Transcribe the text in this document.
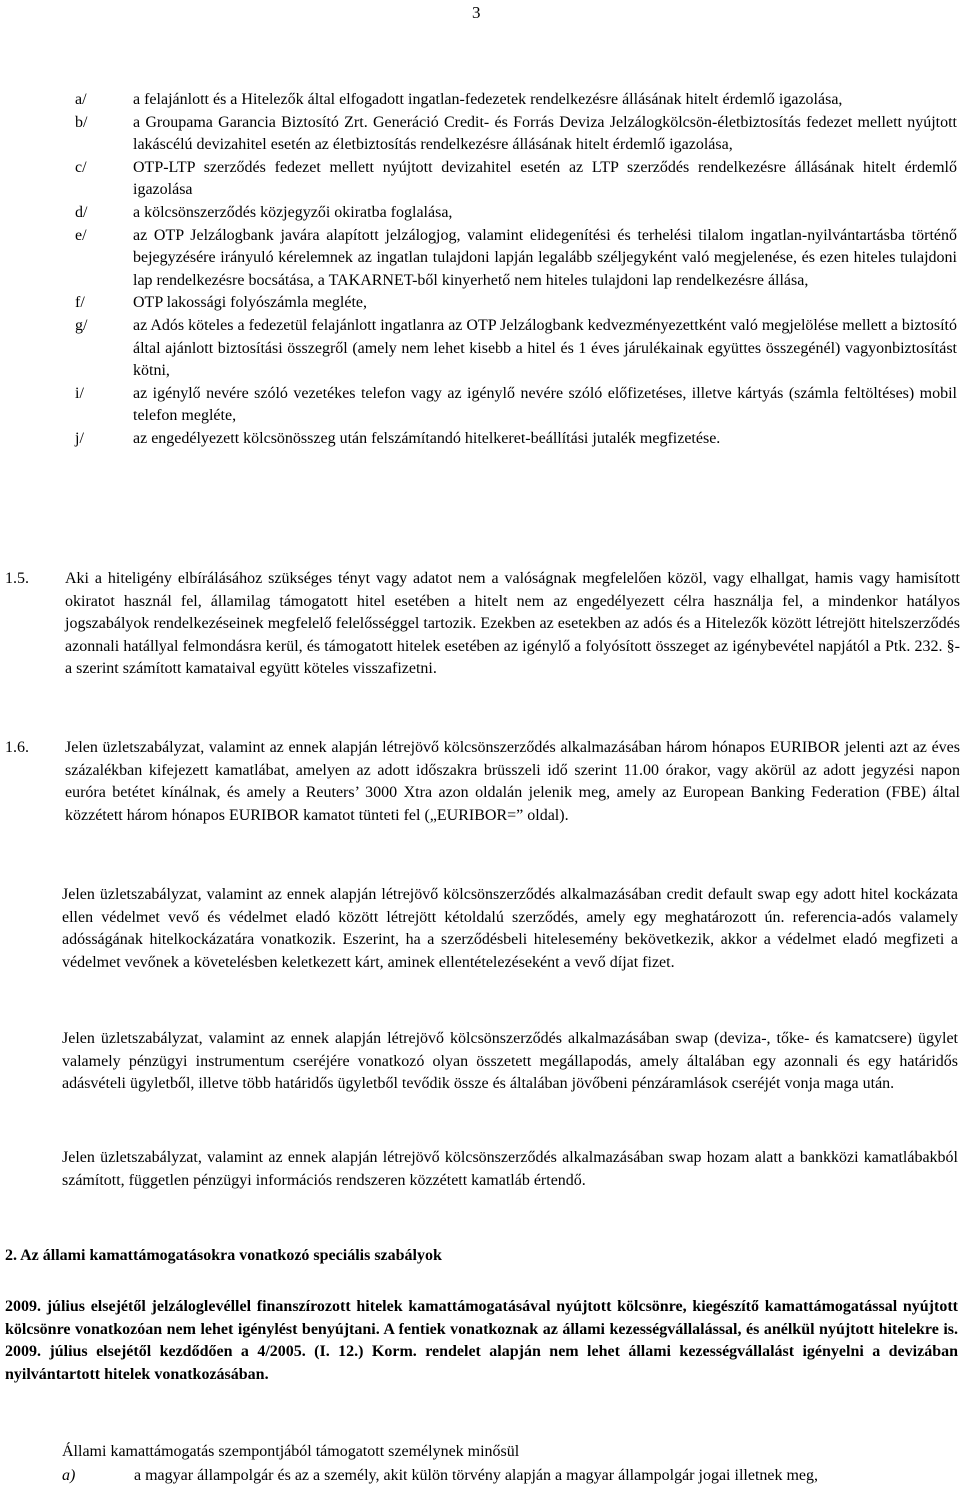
3
a/	a felajánlott és a Hitelezők által elfogadott ingatlan-fedezetek rendelkezésre állásának hitelt érdemlő igazolása,
b/	a Groupama Garancia Biztosító Zrt. Generáció Credit- és Forrás Deviza Jelzálogkölcsön-életbiztosítás fedezet mellett nyújtott lakáscélú devizahitel esetén az életbiztosítás rendelkezésre állásának hitelt érdemlő igazolása,
c/	OTP-LTP szerződés fedezet mellett nyújtott devizahitel esetén az LTP szerződés rendelkezésre állásának hitelt érdemlő igazolása
d/	a kölcsönszerződés közjegyzői okiratba foglalása,
e/	az OTP Jelzálogbank javára alapított jelzálogjog, valamint elidegenítési és terhelési tilalom ingatlan-nyilvántartásba történő bejegyzésére irányuló kérelemnek az ingatlan tulajdoni lapján legalább széljegyként való megjelenése, és ezen hiteles tulajdoni lap rendelkezésre bocsátása, a TAKARNET-ből kinyerhető nem hiteles tulajdoni lap rendelkezésre állása,
f/	OTP lakossági folyószámla megléte,
g/	az Adós köteles a fedezetül felajánlott ingatlanra az OTP Jelzálogbank kedvezményezettként való megjelölése mellett a biztosító által ajánlott biztosítási összegről (amely nem lehet kisebb a hitel és 1 éves járulékainak együttes összegénél) vagyonbiztosítást kötni,
i/	az igénylő nevére szóló vezetékes telefon vagy az igénylő nevére szóló előfizetéses, illetve kártyás (számla feltöltéses) mobil telefon megléte,
j/	az engedélyezett kölcsönösszeg után felszámítandó hitelkeret-beállítási jutalék megfizetése.
1.5.	Aki a hiteligény elbírálásához szükséges tényt vagy adatot nem a valóságnak megfelelően közöl, vagy elhallgat, hamis vagy hamisított okiratot használ fel, államilag támogatott hitel esetében a hitelt nem az engedélyezett célra használja fel, a mindenkor hatályos jogszabályok rendelkezéseinek megfelelő felelősséggel tartozik. Ezekben az esetekben az adós és a Hitelezők között létrejött hitelszerződés azonnali hatállyal felmondásra kerül, és támogatott hitelek esetében az igénylő a folyósított összeget az igénybevétel napjától a Ptk. 232. §-a szerint számított kamataival együtt köteles visszafizetni.
1.6.	Jelen üzletszabályzat, valamint az ennek alapján létrejövő kölcsönszerződés alkalmazásában három hónapos EURIBOR jelenti azt az éves százalékban kifejezett kamatlábat, amelyen az adott időszakra brüsszeli idő szerint 11.00 órakor, vagy akörül az adott jegyzési napon euróra betétet kínálnak, és amely a Reuters’ 3000 Xtra azon oldalán jelenik meg, amely az European Banking Federation (FBE) által közzétett három hónapos EURIBOR kamatot tünteti fel („EURIBOR=” oldal).
Jelen üzletszabályzat, valamint az ennek alapján létrejövő kölcsönszerződés alkalmazásában credit default swap egy adott hitel kockázata ellen védelmet vevő és védelmet eladó között létrejött kétoldalú szerződés, amely egy meghatározott ún. referencia-adós valamely adósságának hitelkockázatára vonatkozik. Eszerint, ha a szerződésbeli hitelesemény bekövetkezik, akkor a védelmet eladó megfizeti a védelmet vevőnek a követelésben keletkezett kárt, aminek ellentételezéseként a vevő díjat fizet.
Jelen üzletszabályzat, valamint az ennek alapján létrejövő kölcsönszerződés alkalmazásában swap (deviza-, tőke- és kamatcsere) ügylet valamely pénzügyi instrumentum cseréjére vonatkozó olyan összetett megállapodás, amely általában egy azonnali és egy határidős adásvételi ügyletből, illetve több határidős ügyletből tevődik össze és általában jövőbeni pénzáramlások cseréjét vonja maga után.
Jelen üzletszabályzat, valamint az ennek alapján létrejövő kölcsönszerződés alkalmazásában swap hozam alatt a bankközi kamatlábakból számított, független pénzügyi információs rendszeren közzétett kamatláb értendő.
2. Az állami kamattámogatásokra vonatkozó speciális szabályok
2009. július elsejétől jelzáloglevéllel finanszírozott hitelek kamattámogatásával nyújtott kölcsönre, kiegészítő kamattámogatással nyújtott kölcsönre vonatkozóan nem lehet igénylést benyújtani. A fentiek vonatkoznak az állami kezességvállalással, és anélkül nyújtott hitelekre is. 2009. július elsejétől kezdődően a 4/2005. (I. 12.) Korm. rendelet alapján nem lehet állami kezességvállalást igényelni a devizában nyilvántartott hitelek vonatkozásában.
Állami kamattámogatás szempontjából támogatott személynek minősül
a)	a magyar állampolgár és az a személy, akit külön törvény alapján a magyar állampolgár jogai illetnek meg,
